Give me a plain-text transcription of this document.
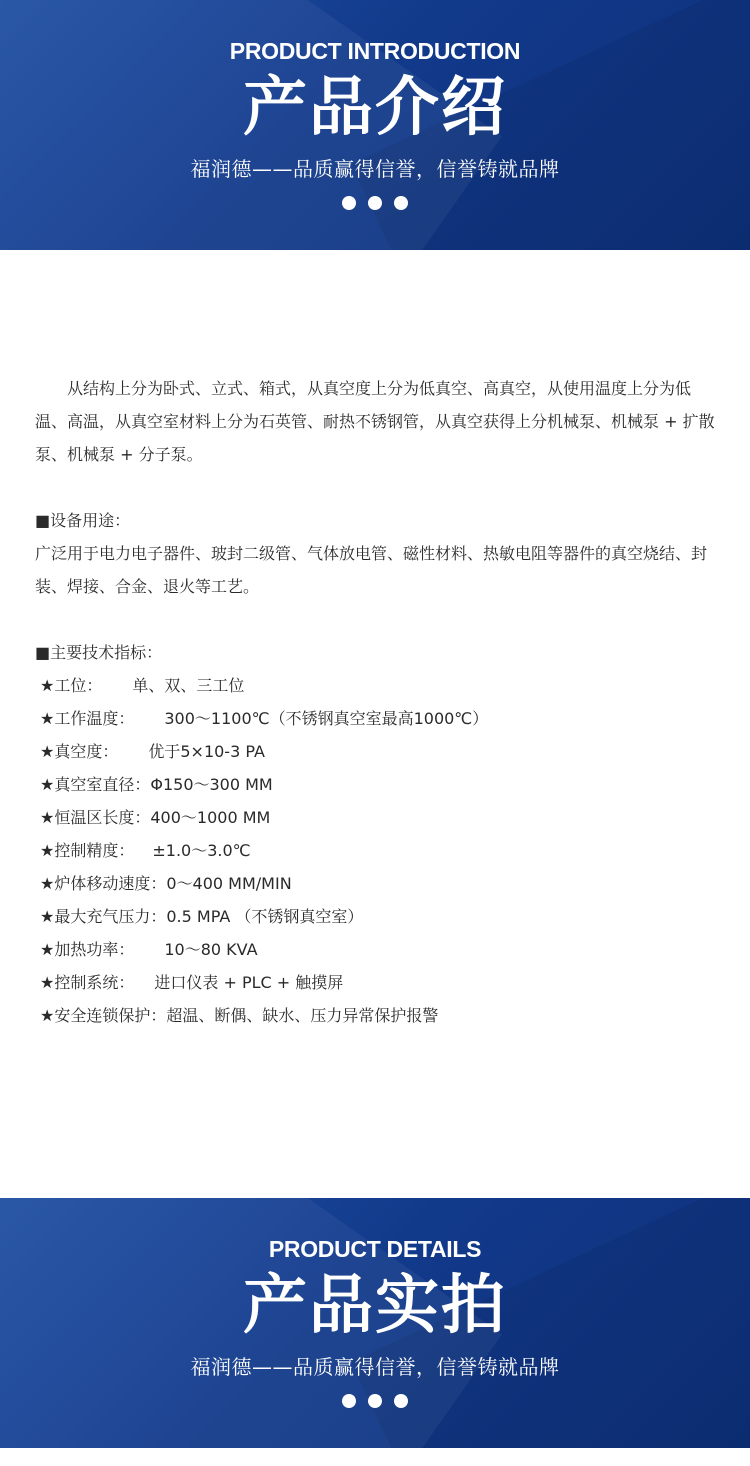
PRODUCT INTRODUCTION
产品介绍
福润德——品质赢得信誉，信誉铸就品牌

从结构上分为卧式、立式、箱式，从真空度上分为低真空、高真空，从使用温度上分为低温、高温，从真空室材料上分为石英管、耐热不锈钢管，从真空获得上分机械泵、机械泵 + 扩散泵、机械泵 + 分子泵。

■设备用途：
广泛用于电力电子器件、玻封二级管、气体放电管、磁性材料、热敏电阻等器件的真空烧结、封装、焊接、合金、退火等工艺。
■主要技术指标：
★工位： 单、双、三工位
★工作温度： 300～1100℃（不锈钢真空室最高1000℃）
★真空度： 优于5×10-3 PA
★真空室直径：Φ150～300 MM
★恒温区长度：400～1000 MM
★控制精度： ±1.0～3.0℃
★炉体移动速度：0～400 MM/MIN
★最大充气压力：0.5 MPA （不锈钢真空室）
★加热功率： 10～80 KVA
★控制系统： 进口仪表 + PLC + 触摸屏
★安全连锁保护：超温、断偶、缺水、压力异常保护报警
PRODUCT DETAILS
产品实拍
福润德——品质赢得信誉，信誉铸就品牌
